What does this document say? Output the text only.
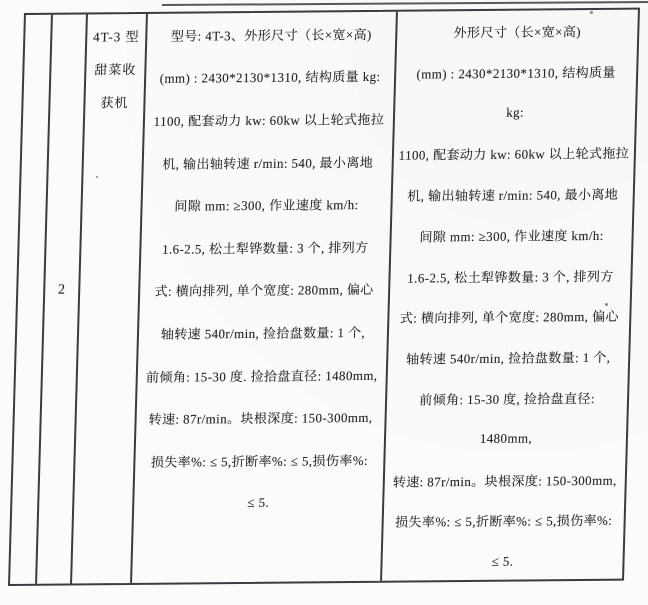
2
4T-3 型
甜菜收
获机
型号: 4T-3、外形尺寸（长×宽×高)
(mm) : 2430*2130*1310, 结构质量 kg:
1100, 配套动力 kw: 60kw 以上轮式拖拉
机, 输出轴转速 r/min: 540, 最小离地
间隙 mm: ≥300, 作业速度 km/h:
1.6-2.5, 松土犁铧数量: 3 个, 排列方
式: 横向排列, 单个宽度: 280mm, 偏心
轴转速 540r/min, 捡拾盘数量: 1 个,
前倾角: 15-30 度. 捡拾盘直径: 1480mm,
转速: 87r/min。块根深度: 150-300mm,
损失率%: ≤ 5,折断率%: ≤ 5,损伤率%:
≤ 5.
外形尺寸（长×宽×高)
(mm) : 2430*2130*1310, 结构质量
kg:
1100, 配套动力 kw: 60kw 以上轮式拖拉
机, 输出轴转速 r/min: 540, 最小离地
间隙 mm: ≥300, 作业速度 km/h:
1.6-2.5, 松土犁铧数量: 3 个, 排列方
式: 横向排列, 单个宽度: 280mm, 偏心
轴转速 540r/min, 捡拾盘数量: 1 个,
前倾角: 15-30 度, 捡拾盘直径:
1480mm,
转速: 87r/min。块根深度: 150-300mm,
损失率%: ≤ 5,折断率%: ≤ 5,损伤率%:
≤ 5.
